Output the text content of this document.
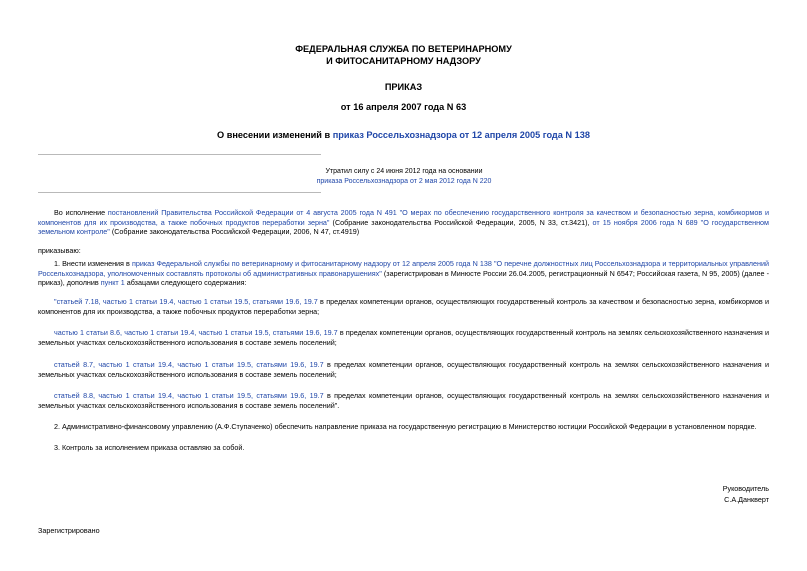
ФЕДЕРАЛЬНАЯ СЛУЖБА ПО ВЕТЕРИНАРНОМУ
И ФИТОСАНИТАРНОМУ НАДЗОРУ
ПРИКАЗ
от 16 апреля 2007 года N 63
О внесении изменений в приказ Россельхознадзора от 12 апреля 2005 года N 138
Утратил силу с 24 июня 2012 года на основании
приказа Россельхознадзора от 2 мая 2012 года N 220

Во исполнение постановлений Правительства Российской Федерации от 4 августа 2005 года N 491 "О мерах по обеспечению государственного контроля за качеством и безопасностью зерна, комбикормов и компонентов для их производства, а также побочных продуктов переработки зерна" (Собрание законодательства Российской Федерации, 2005, N 33, ст.3421), от 15 ноября 2006 года N 689 "О государственном земельном контроле" (Собрание законодательства Российской Федерации, 2006, N 47, ст.4919)

приказываю:

1. Внести изменения в приказ Федеральной службы по ветеринарному и фитосанитарному надзору от 12 апреля 2005 года N 138 "О перечне должностных лиц Россельхознадзора и территориальных управлений Россельхознадзора, уполномоченных составлять протоколы об административных правонарушениях" (зарегистрирован в Минюсте России 26.04.2005, регистрационный N 6547; Российская газета, N 95, 2005) (далее - приказ), дополнив пункт 1 абзацами следующего содержания:

"статьей 7.18, частью 1 статьи 19.4, частью 1 статьи 19.5, статьями 19.6, 19.7 в пределах компетенции органов, осуществляющих государственный контроль за качеством и безопасностью зерна, комбикормов и компонентов для их производства, а также побочных продуктов переработки зерна;

частью 1 статьи 8.6, частью 1 статьи 19.4, частью 1 статьи 19.5, статьями 19.6, 19.7 в пределах компетенции органов, осуществляющих государственный контроль на землях сельскохозяйственного назначения и земельных участках сельскохозяйственного использования в составе земель поселений;

статьей 8.7, частью 1 статьи 19.4, частью 1 статьи 19.5, статьями 19.6, 19.7 в пределах компетенции органов, осуществляющих государственный контроль на землях сельскохозяйственного назначения и земельных участках сельскохозяйственного использования в составе земель поселений;

статьей 8.8, частью 1 статьи 19.4, частью 1 статьи 19.5, статьями 19.6, 19.7 в пределах компетенции органов, осуществляющих государственный контроль на землях сельскохозяйственного назначения и земельных участках сельскохозяйственного использования в составе земель поселений".

2. Административно-финансовому управлению (А.Ф.Ступаченко) обеспечить направление приказа на государственную регистрацию в Министерство юстиции Российской Федерации в установленном порядке.

3. Контроль за исполнением приказа оставляю за собой.

Руководитель
С.А.Данкверт
Зарегистрировано
